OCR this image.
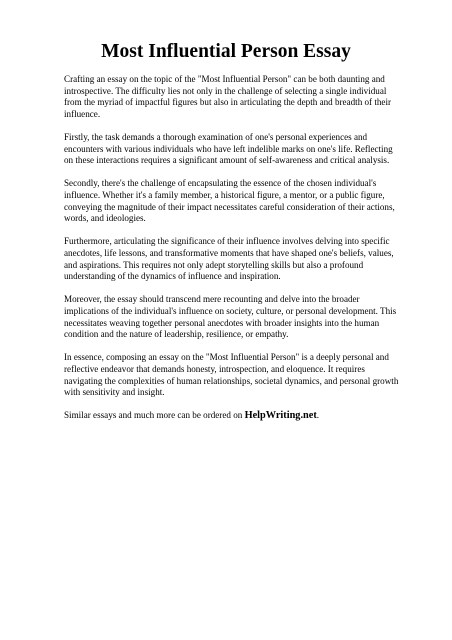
Most Influential Person Essay

Crafting an essay on the topic of the "Most Influential Person" can be both daunting and introspective. The difficulty lies not only in the challenge of selecting a single individual from the myriad of impactful figures but also in articulating the depth and breadth of their influence.

Firstly, the task demands a thorough examination of one's personal experiences and encounters with various individuals who have left indelible marks on one's life. Reflecting on these interactions requires a significant amount of self-awareness and critical analysis.

Secondly, there's the challenge of encapsulating the essence of the chosen individual's influence. Whether it's a family member, a historical figure, a mentor, or a public figure, conveying the magnitude of their impact necessitates careful consideration of their actions, words, and ideologies.

Furthermore, articulating the significance of their influence involves delving into specific anecdotes, life lessons, and transformative moments that have shaped one's beliefs, values, and aspirations. This requires not only adept storytelling skills but also a profound understanding of the dynamics of influence and inspiration.

Moreover, the essay should transcend mere recounting and delve into the broader implications of the individual's influence on society, culture, or personal development. This necessitates weaving together personal anecdotes with broader insights into the human condition and the nature of leadership, resilience, or empathy.

In essence, composing an essay on the "Most Influential Person" is a deeply personal and reflective endeavor that demands honesty, introspection, and eloquence. It requires navigating the complexities of human relationships, societal dynamics, and personal growth with sensitivity and insight.

Similar essays and much more can be ordered on HelpWriting.net.
